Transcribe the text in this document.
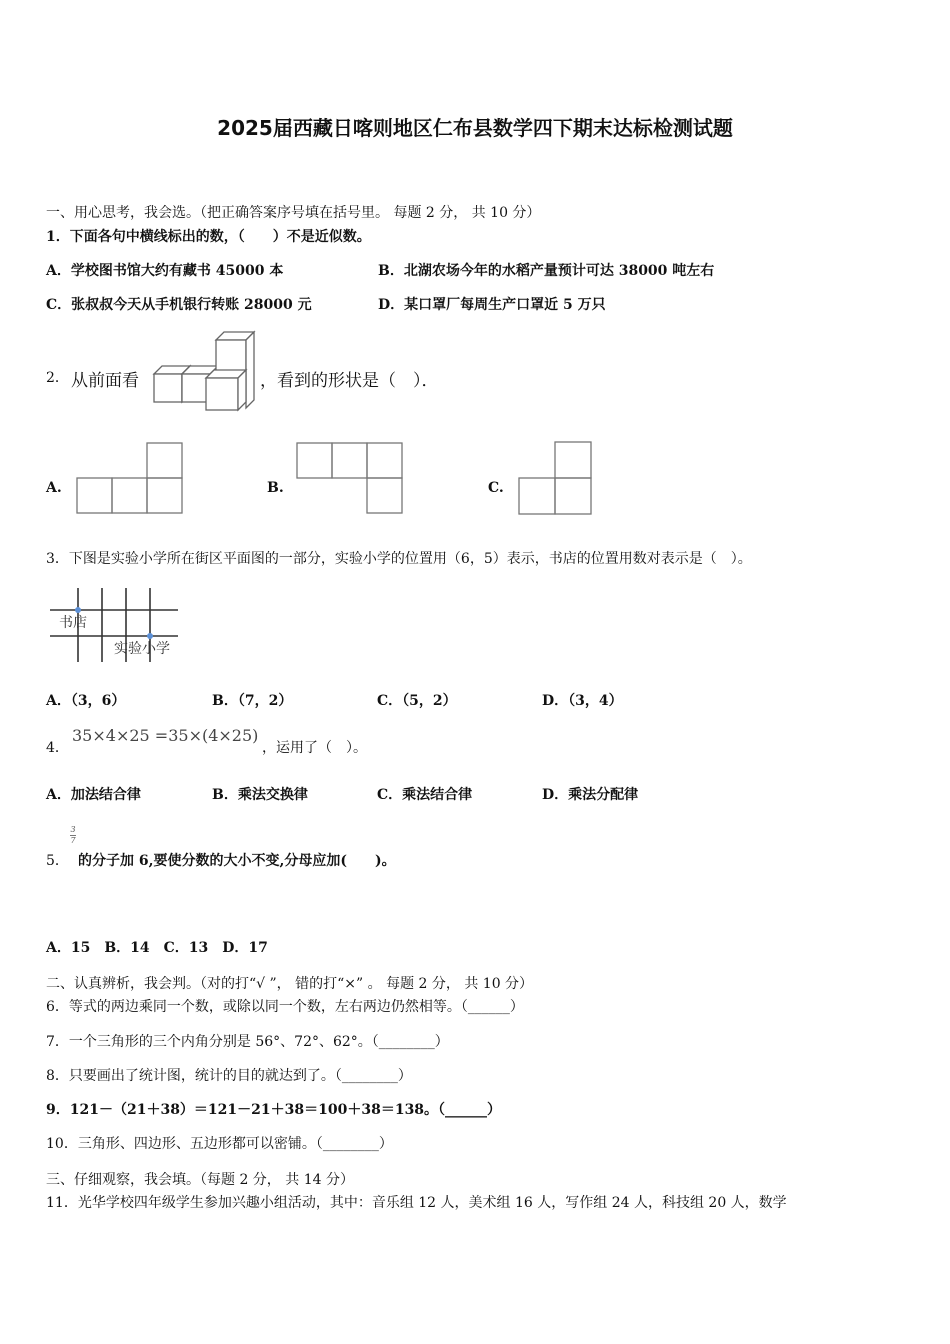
2025届西藏日喀则地区仁布县数学四下期末达标检测试题
一、用心思考，我会选。（把正确答案序号填在括号里。 每题 2 分， 共 10 分）
1．下面各句中横线标出的数，（　　）不是近似数。
A．学校图书馆大约有藏书 45000 本	B．北湖农场今年的水稻产量预计可达 38000 吨左右
C．张叔叔今天从手机银行转账 28000 元	D．某口罩厂每周生产口罩近 5 万只
2． 从前面看	，看到的形状是（　）．
A.	B.	C.
3．下图是实验小学所在街区平面图的一部分，实验小学的位置用（6，5）表示，书店的位置用数对表示是（　）。
书店
实验小学
A．（3，6）	B．（7，2）	C．（5，2）	D．（3，4）
4．
35×4×25 =35×(4×25)
，运用了（　）。
A．加法结合律	B．乘法交换律	C．乘法结合律	D．乘法分配律
5．
3
7
的分子加 6,要使分数的大小不变,分母应加(　　)。
A．15　B．14　C．13　D．17
二、认真辨析，我会判。（对的打“√ ”， 错的打“×” 。 每题 2 分， 共 10 分）
6．等式的两边乘同一个数，或除以同一个数，左右两边仍然相等。（______）
7．一个三角形的三个内角分别是 56°、72°、62°。（________）
8．只要画出了统计图，统计的目的就达到了。（________）
9．121－（21＋38）＝121－21＋38＝100＋38＝138。（______）
10．三角形、四边形、五边形都可以密铺。（________）
三、仔细观察，我会填。（每题 2 分， 共 14 分）
11．光华学校四年级学生参加兴趣小组活动，其中：音乐组 12 人，美术组 16 人，写作组 24 人，科技组 20 人，数学
